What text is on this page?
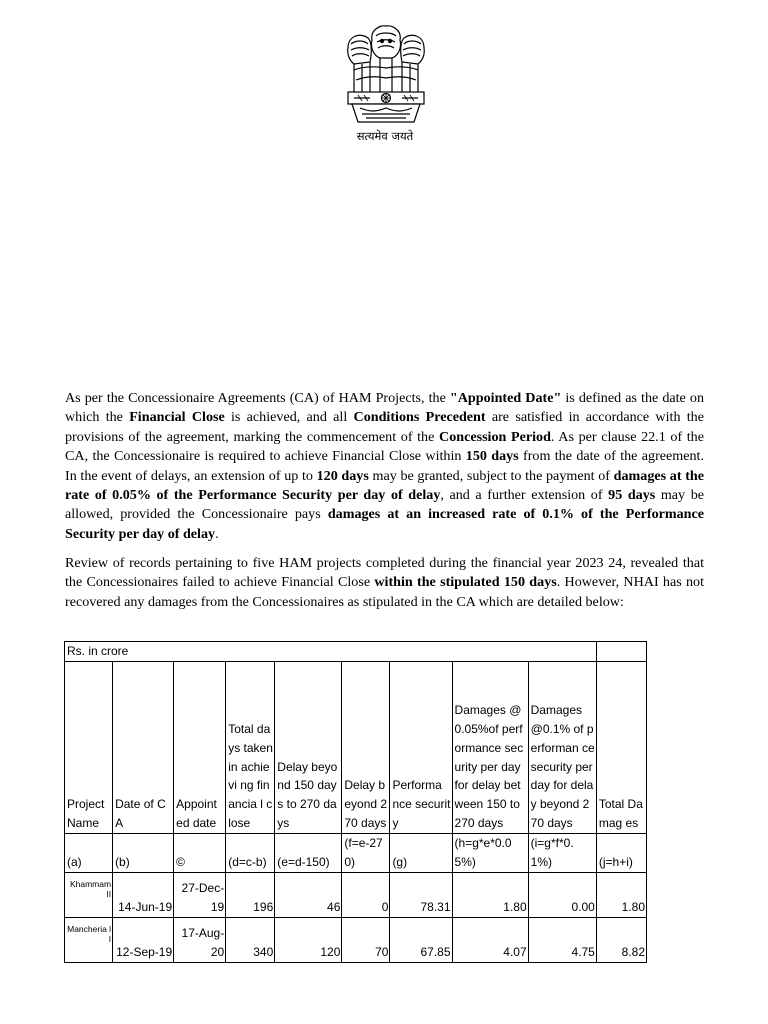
सत्यमेव जयते

As per the Concessionaire Agreements (CA) of HAM Projects, the "Appointed Date" is defined as the date on which the Financial Close is achieved, and all Conditions Precedent are satisfied in accordance with the provisions of the agreement, marking the commencement of the Concession Period. As per clause 22.1 of the CA, the Concessionaire is required to achieve Financial Close within 150 days from the date of the agreement. In the event of delays, an extension of up to 120 days may be granted, subject to the payment of damages at the rate of 0.05% of the Performance Security per day of delay, and a further extension of 95 days may be allowed, provided the Concessionaire pays damages at an increased rate of 0.1% of the Performance Security per day of delay.

Review of records pertaining to five HAM projects completed during the financial year 2023 24, revealed that the Concessionaires failed to achieve Financial Close within the stipulated 150 days. However, NHAI has not recovered any damages from the Concessionaires as stipulated in the CA which are detailed below:

Rs. in crore									
Project Name	Date of CA	Appoint ed date	Total days taken in achievi ng financia l close	Delay beyond 150 days to 270 days	Delay beyond 270 days	Performa nce security	Damages @0.05%of performance security per day for delay between 150 to 270 days	Damages @0.1% of performan ce security per day for delay beyond 270 days	Total Damag es
(a)	(b)	©	(d=c-b)	(e=d-150)	(f=e-270)	(g)	(h=g*e*0.05%)	(i=g*f*0.1%)	(j=h+i)

Khammam II	14-Jun-19	27-Dec-19	196	46	0	78.31	1.80	0.00	1.80

Mancheria l I	12-Sep-19	17-Aug-20	340	120	70	67.85	4.07	4.75	8.82
